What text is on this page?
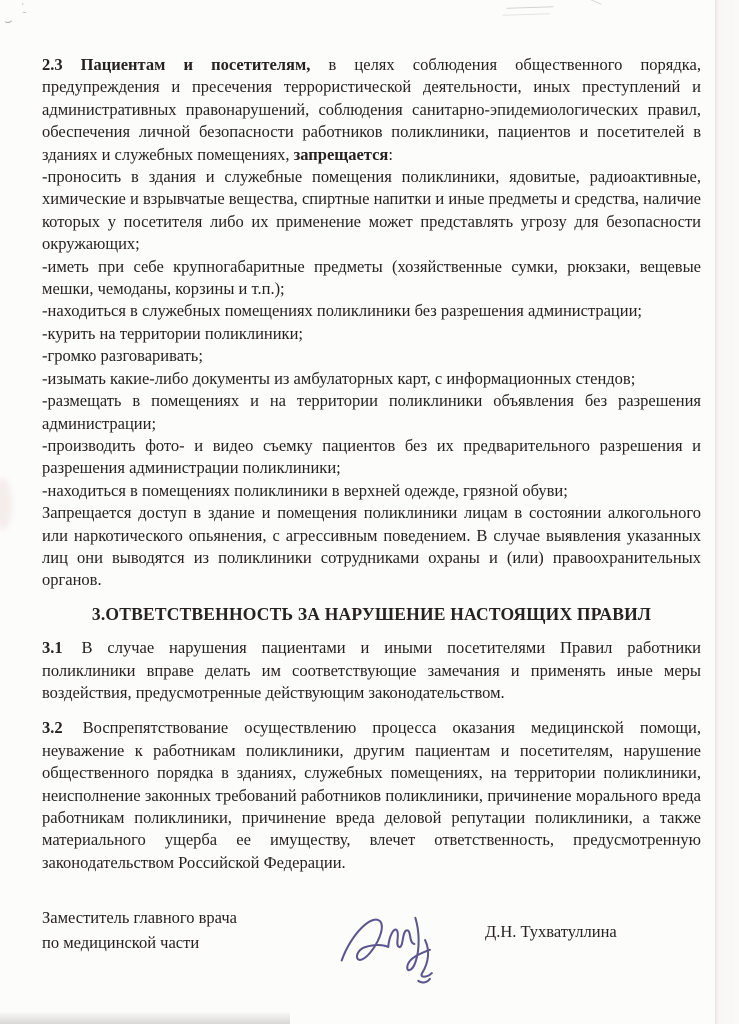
ʾˍ
⌣

2.3 Пациентам и посетителям, в целях соблюдения общественного порядка, предупреждения и пресечения террористической деятельности, иных преступлений и административных правонарушений, соблюдения санитарно-эпидемиологических правил, обеспечения личной безопасности работников поликлиники, пациентов и посетителей в зданиях и служебных помещениях, запрещается:

-проносить в здания и служебные помещения поликлиники, ядовитые, радиоактивные, химические и взрывчатые вещества, спиртные напитки и иные предметы и средства, наличие которых у посетителя либо их применение может представлять угрозу для безопасности окружающих;

-иметь при себе крупногабаритные предметы (хозяйственные сумки, рюкзаки, вещевые мешки, чемоданы, корзины и т.п.);

-находиться в служебных помещениях поликлиники без разрешения администрации;

-курить на территории поликлиники;

-громко разговаривать;

-изымать какие-либо документы из амбулаторных карт, с информационных стендов;

-размещать в помещениях и на территории поликлиники объявления без разрешения администрации;

-производить фото- и видео съемку пациентов без их предварительного разрешения и разрешения администрации поликлиники;

-находиться в помещениях поликлиники в верхней одежде, грязной обуви;

Запрещается доступ в здание и помещения поликлиники лицам в состоянии алкогольного или наркотического опьянения, с агрессивным поведением. В случае выявления указанных лиц они выводятся из поликлиники сотрудниками охраны и (или) правоохранительных органов.

3.ОТВЕТСТВЕННОСТЬ ЗА НАРУШЕНИЕ НАСТОЯЩИХ ПРАВИЛ

3.1 В случае нарушения пациентами и иными посетителями Правил работники поликлиники вправе делать им соответствующие замечания и применять иные меры воздействия, предусмотренные действующим законодательством.

3.2 Воспрепятствование осуществлению процесса оказания медицинской помощи, неуважение к работникам поликлиники, другим пациентам и посетителям, нарушение общественного порядка в зданиях, служебных помещениях, на территории поликлиники, неисполнение законных требований работников поликлиники, причинение морального вреда работникам поликлиники, причинение вреда деловой репутации поликлиники, а также материального ущерба ее имуществу, влечет ответственность, предусмотренную законодательством Российской Федерации.

Заместитель главного врача
по медицинской части
Д.Н. Тухватуллина
